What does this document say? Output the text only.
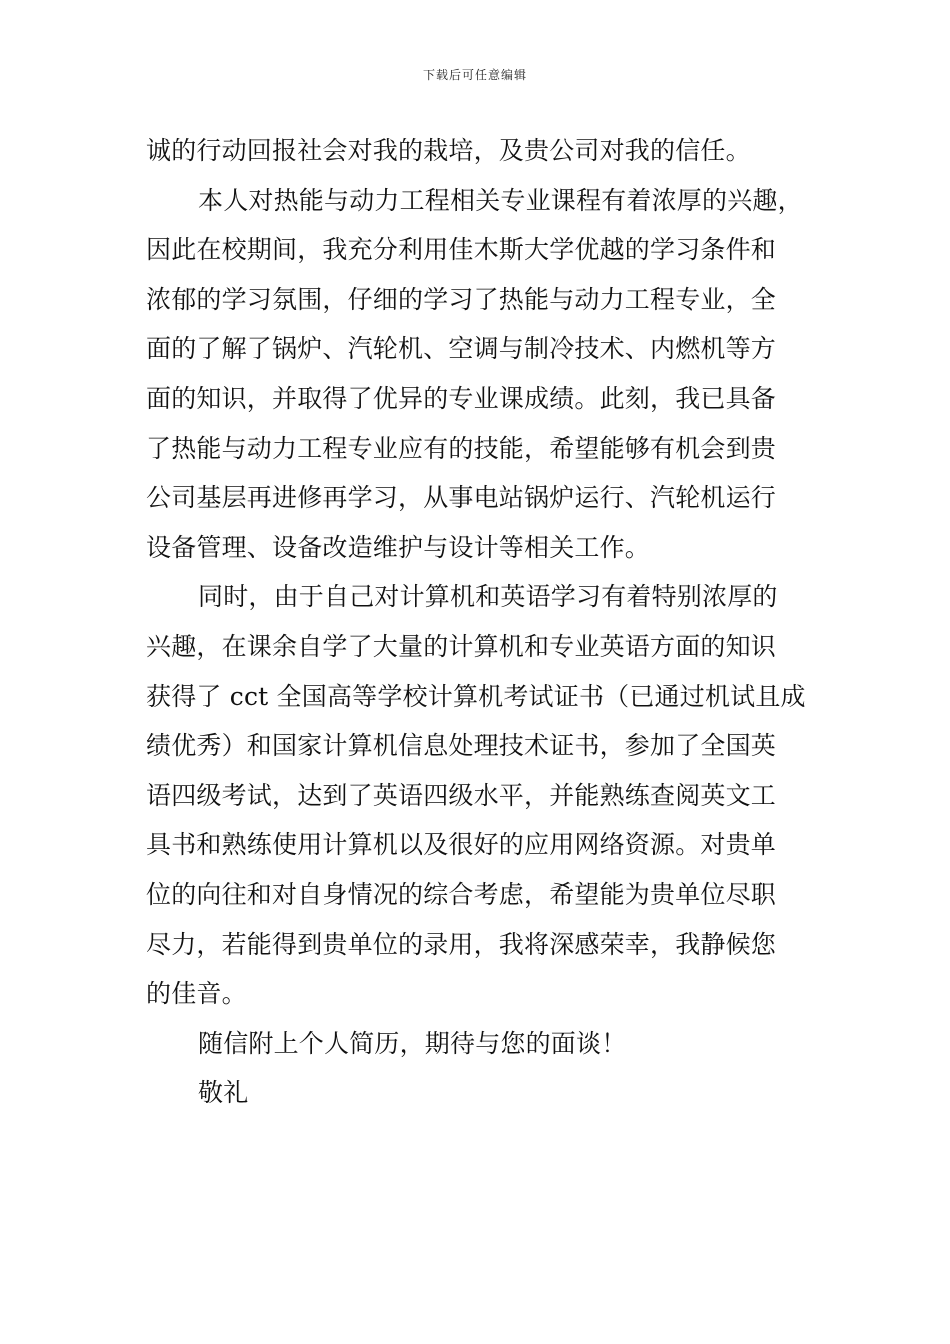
下载后可任意编辑
诚的行动回报社会对我的栽培，及贵公司对我的信任。
本人对热能与动力工程相关专业课程有着浓厚的兴趣，
因此在校期间，我充分利用佳木斯大学优越的学习条件和
浓郁的学习氛围，仔细的学习了热能与动力工程专业，全
面的了解了锅炉、汽轮机、空调与制冷技术、内燃机等方
面的知识，并取得了优异的专业课成绩。此刻，我已具备
了热能与动力工程专业应有的技能，希望能够有机会到贵
公司基层再进修再学习，从事电站锅炉运行、汽轮机运行
设备管理、设备改造维护与设计等相关工作。
同时，由于自己对计算机和英语学习有着特别浓厚的
兴趣，在课余自学了大量的计算机和专业英语方面的知识
获得了 cct 全国高等学校计算机考试证书（已通过机试且成
绩优秀）和国家计算机信息处理技术证书，参加了全国英
语四级考试，达到了英语四级水平，并能熟练查阅英文工
具书和熟练使用计算机以及很好的应用网络资源。对贵单
位的向往和对自身情况的综合考虑，希望能为贵单位尽职
尽力，若能得到贵单位的录用，我将深感荣幸，我静候您
的佳音。
随信附上个人简历，期待与您的面谈！
敬礼
